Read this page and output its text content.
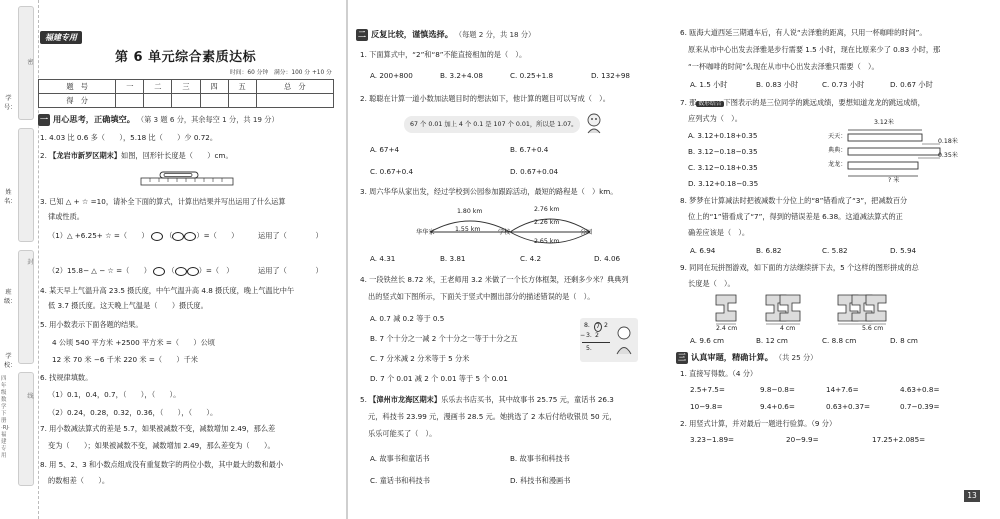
学号：
姓名：
班级：
学校：
密
封
线
四年级数学下册·RJ·福建专用
福建专用
第 6 单元综合素质达标
时间：60 分钟　满分：100 分 +10 分
题　号	一	二	三	四	五	总　分
得　分						
一 用心思考，正确填空。 （第 3 题 6 分，其余每空 1 分，共 19 分）
1. 4.03 比 0.6 多（　　），5.18 比（　　）少 0.72。
2. 【龙岩市新罗区期末】如图，回形针长度是（　　）cm。
3. 已知 △ + ☆ =10，请补全下面的算式，计算出结果并写出运用了什么运算
律或性质。
（1）△ +6.25+ ☆ =（　　） （	）=（　　）	运用了（　　　　）
（2）15.8− △ − ☆ =（　　） （	）=（　）	运用了（　　　　）
4. 某天早上气温升高 23.5 摄氏度，中午气温升高 4.8 摄氏度，晚上气温比中午
低 3.7 摄氏度。这天晚上气温是（　　）摄氏度。
5. 用小数表示下面各题的结果。
4 公顷 540 平方米 +2500 平方米 =（　　）公顷
12 米 70 米 −6 千米 220 米 =（　　）千米
6. 找规律填数。
（1）0.1，0.4，0.7，（　　），（　　）。
（2）0.24，0.28，0.32，0.36，（　　），（　　）。
7. 用小数减法算式的差是 5.7，如果被减数不变，减数增加 2.49，那么差
变为（　　）；如果被减数不变，减数增加 2.49，那么差变为（　　）。
8. 用 5、2、3 和小数点组成没有重复数字的两位小数，其中最大的数和最小
的数相差（　　）。
二 反复比较，谨慎选择。 （每题 2 分，共 18 分）
1. 下面算式中，“2”和“8”不能直接相加的是（　）。
A. 200+800	B. 3.2+4.08	C. 0.25+1.8	D. 132+98
2. 聪聪在计算一道小数加法题目时的想法如下，他计算的题目可以写成（　）。
67 个 0.01 加上 4 个 0.1 是 107 个 0.01，所以是 1.07。
A. 67+4	B. 6.7+0.4
C. 0.67+0.4	D. 0.67+0.04
3. 周六华华从家出发，经过学校到公园参加跟踪活动，最短的路程是（　）km。
1.80 km
1.55 km
2.76 km
2.26 km
2.65 km
华华家	学校	公园
A. 4.31	B. 3.81	C. 4.2	D. 4.06
4. 一段铁丝长 8.72 米，王老师用 3.2 米做了一个长方体框架，还剩多少米？典典列
出的竖式如下图所示，下面关于竖式中圈出部分的描述错误的是（　）。
A. 0.7 减 0.2 等于 0.5
B. 7 个十分之一减 2 个十分之一等于十分之五
C. 7 分米减 2 分米等于 5 分米
D. 7 个 0.01 减 2 个 0.01 等于 5 个 0.01
8. 7 2
− 3. 2
5.
5. 【漳州市龙海区期末】乐乐去书店买书，其中故事书 25.75 元，童话书 26.3
元，科技书 23.99 元，漫画书 28.5 元。她挑选了 2 本后付给收银员 50 元，
乐乐可能买了（　）。
A. 故事书和童话书	B. 故事书和科技书
C. 童话书和科技书	D. 科技书和漫画书
6. 瓯海大道西延三期通车后，有人说“去泽雅的距离，只用一杯咖啡的时间”。
原来从市中心出发去泽雅是步行需要 1.5 小时，现在比原来少了 0.83 小时，那
“一杯咖啡的时间”么现在从市中心出发去泽雅只需要（　）。
A. 1.5 小时	B. 0.83 小时	C. 0.73 小时	D. 0.67 小时
7. 那 数形结合 下图表示的是三位同学的跳远成绩，要想知道龙龙的跳远成绩，
应列式为（　）。
A. 3.12+0.18+0.35
B. 3.12−0.18−0.35
C. 3.12−0.18+0.35
D. 3.12+0.18−0.35
3.12米
天天：
典典：
龙龙：
0.18米
0.35米
? 米
8. 梦梦在计算减法时把被减数十分位上的“8”错看成了“3”，把减数百分
位上的“1”错看成了“7”，得到的错误差是 6.38。这道减法算式的正
确差应该是（　）。
A. 6.94	B. 6.82	C. 5.82	D. 5.94
9. 同同在玩拼图游戏，如下面的方法继续拼下去，5 个这样的图形拼成的总
长度是（　）。
2.4 cm	4 cm	5.6 cm
A. 9.6 cm	B. 12 cm	C. 8.8 cm	D. 8 cm
三 认真审题，精确计算。 （共 25 分）
1. 直接写得数。（4 分）
2.5+7.5=	9.8−0.8=	14+7.6=	4.63+0.8=
10−9.8=	9.4+0.6=	0.63+0.37=	0.7−0.39=
2. 用竖式计算，并对最后一题进行验算。（9 分）
3.23−1.89=	20−9.9=	17.25+2.085=
13
